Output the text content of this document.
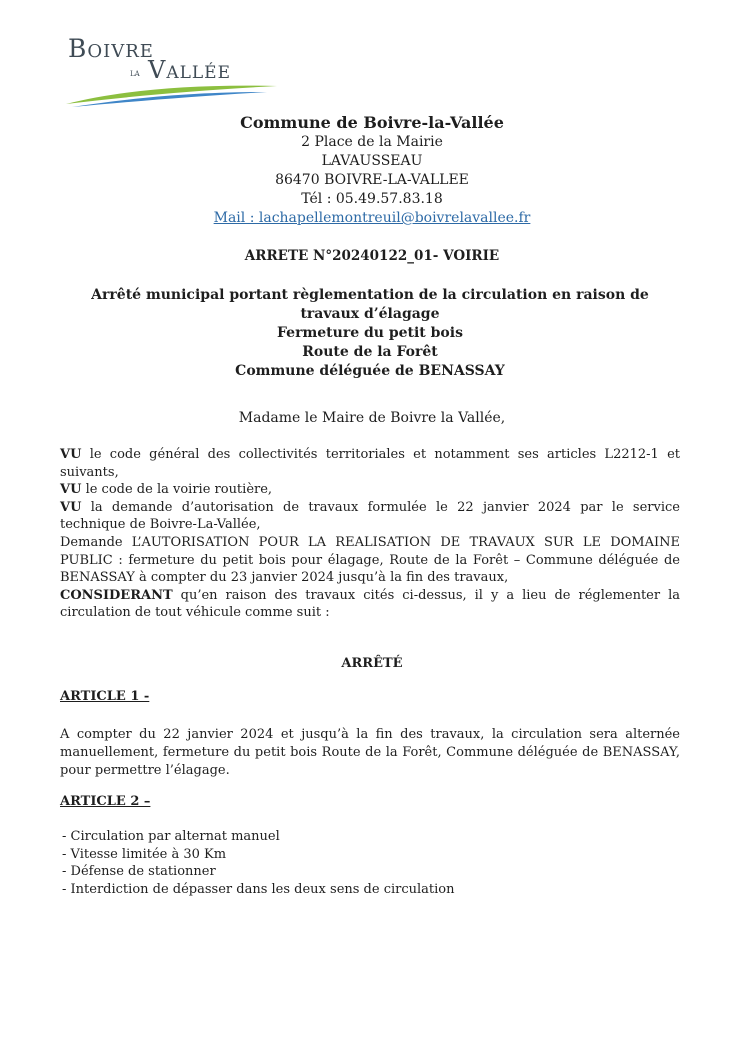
Boivre
la Vallée
Commune de Boivre-la-Vallée
2 Place de la Mairie
LAVAUSSEAU
86470 BOIVRE-LA-VALLEE
Tél : 05.49.57.83.18
Mail : lachapellemontreuil@boivrelavallee.fr
ARRETE N°20240122_01- VOIRIE
Arrêté municipal portant règlementation de la circulation en raison de travaux d’élagage
Fermeture du petit bois
Route de la Forêt
Commune déléguée de BENASSAY
Madame le Maire de Boivre la Vallée,

VU le code général des collectivités territoriales et notamment ses articles L2212-1 et suivants,

VU le code de la voirie routière,

VU la demande d’autorisation de travaux formulée le 22 janvier 2024 par le service technique de Boivre-La-Vallée,

Demande L’AUTORISATION POUR LA REALISATION DE TRAVAUX SUR LE DOMAINE PUBLIC : fermeture du petit bois pour élagage, Route de la Forêt – Commune déléguée de BENASSAY à compter du 23 janvier 2024 jusqu’à la fin des travaux,

CONSIDERANT qu’en raison des travaux cités ci-dessus, il y a lieu de réglementer la circulation de tout véhicule comme suit :

ARRÊTÉ
ARTICLE 1 -
A compter du 22 janvier 2024 et jusqu’à la fin des travaux, la circulation sera alternée manuellement, fermeture du petit bois Route de la Forêt, Commune déléguée de BENASSAY, pour permettre l’élagage.
ARTICLE 2 –
- Circulation par alternat manuel
- Vitesse limitée à 30 Km
- Défense de stationner
- Interdiction de dépasser dans les deux sens de circulation
